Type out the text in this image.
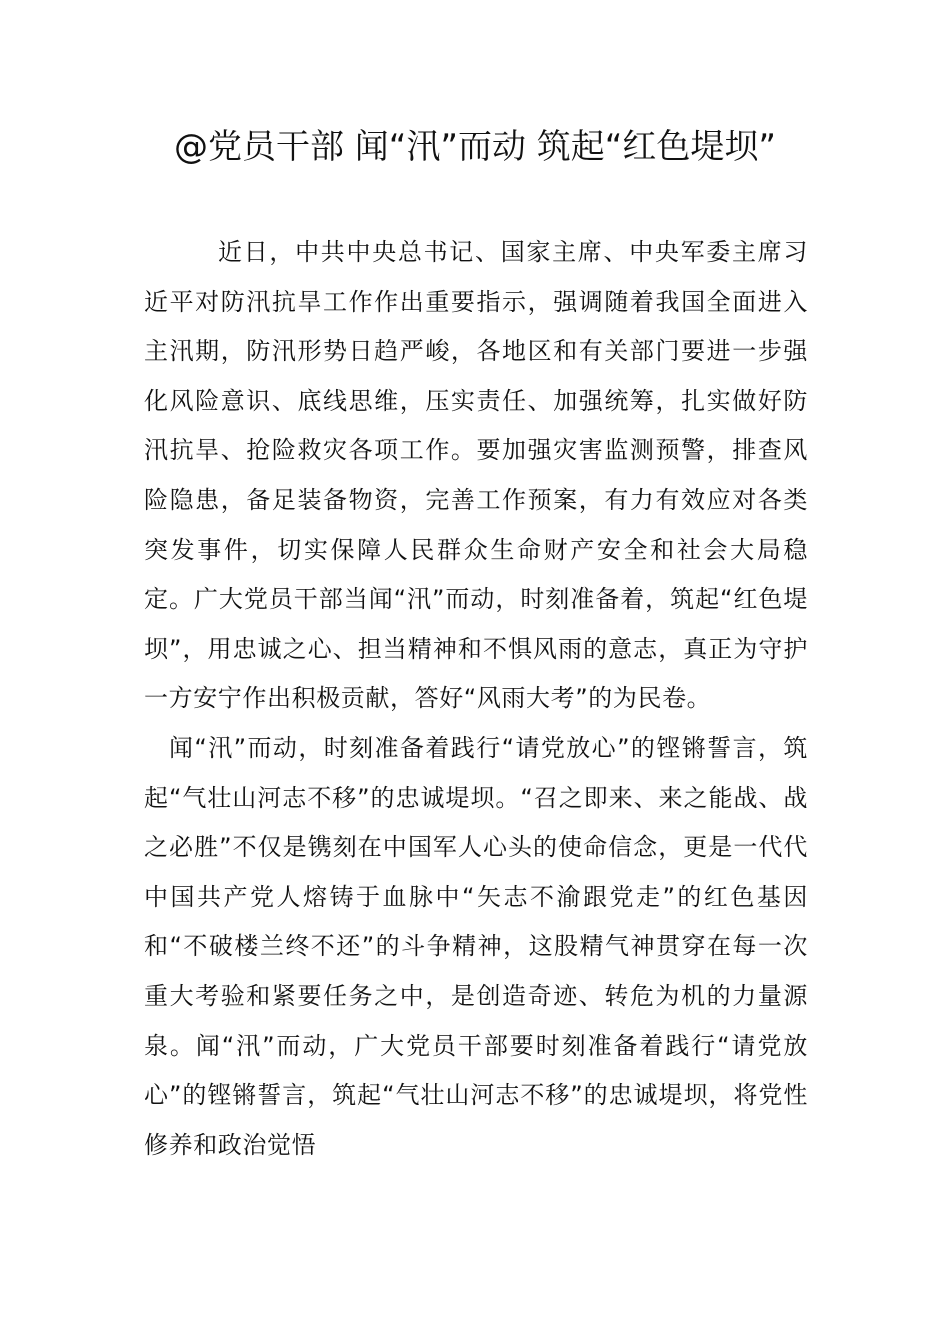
@党员干部 闻“汛”而动 筑起“红色堤坝”

近日，中共中央总书记、国家主席、中央军委主席习近平对防汛抗旱工作作出重要指示，强调随着我国全面进入主汛期，防汛形势日趋严峻，各地区和有关部门要进一步强化风险意识、底线思维，压实责任、加强统筹，扎实做好防汛抗旱、抢险救灾各项工作。要加强灾害监测预警，排查风险隐患，备足装备物资，完善工作预案，有力有效应对各类突发事件，切实保障人民群众生命财产安全和社会大局稳定。广大党员干部当闻“汛”而动，时刻准备着，筑起“红色堤坝”，用忠诚之心、担当精神和不惧风雨的意志，真正为守护一方安宁作出积极贡献，答好“风雨大考”的为民卷。

闻“汛”而动，时刻准备着践行“请党放心”的铿锵誓言，筑起“气壮山河志不移”的忠诚堤坝。“召之即来、来之能战、战之必胜”不仅是镌刻在中国军人心头的使命信念，更是一代代中国共产党人熔铸于血脉中“矢志不渝跟党走”的红色基因和“不破楼兰终不还”的斗争精神，这股精气神贯穿在每一次重大考验和紧要任务之中，是创造奇迹、转危为机的力量源泉。闻“汛”而动，广大党员干部要时刻准备着践行“请党放心”的铿锵誓言，筑起“气壮山河志不移”的忠诚堤坝，将党性修养和政治觉悟
